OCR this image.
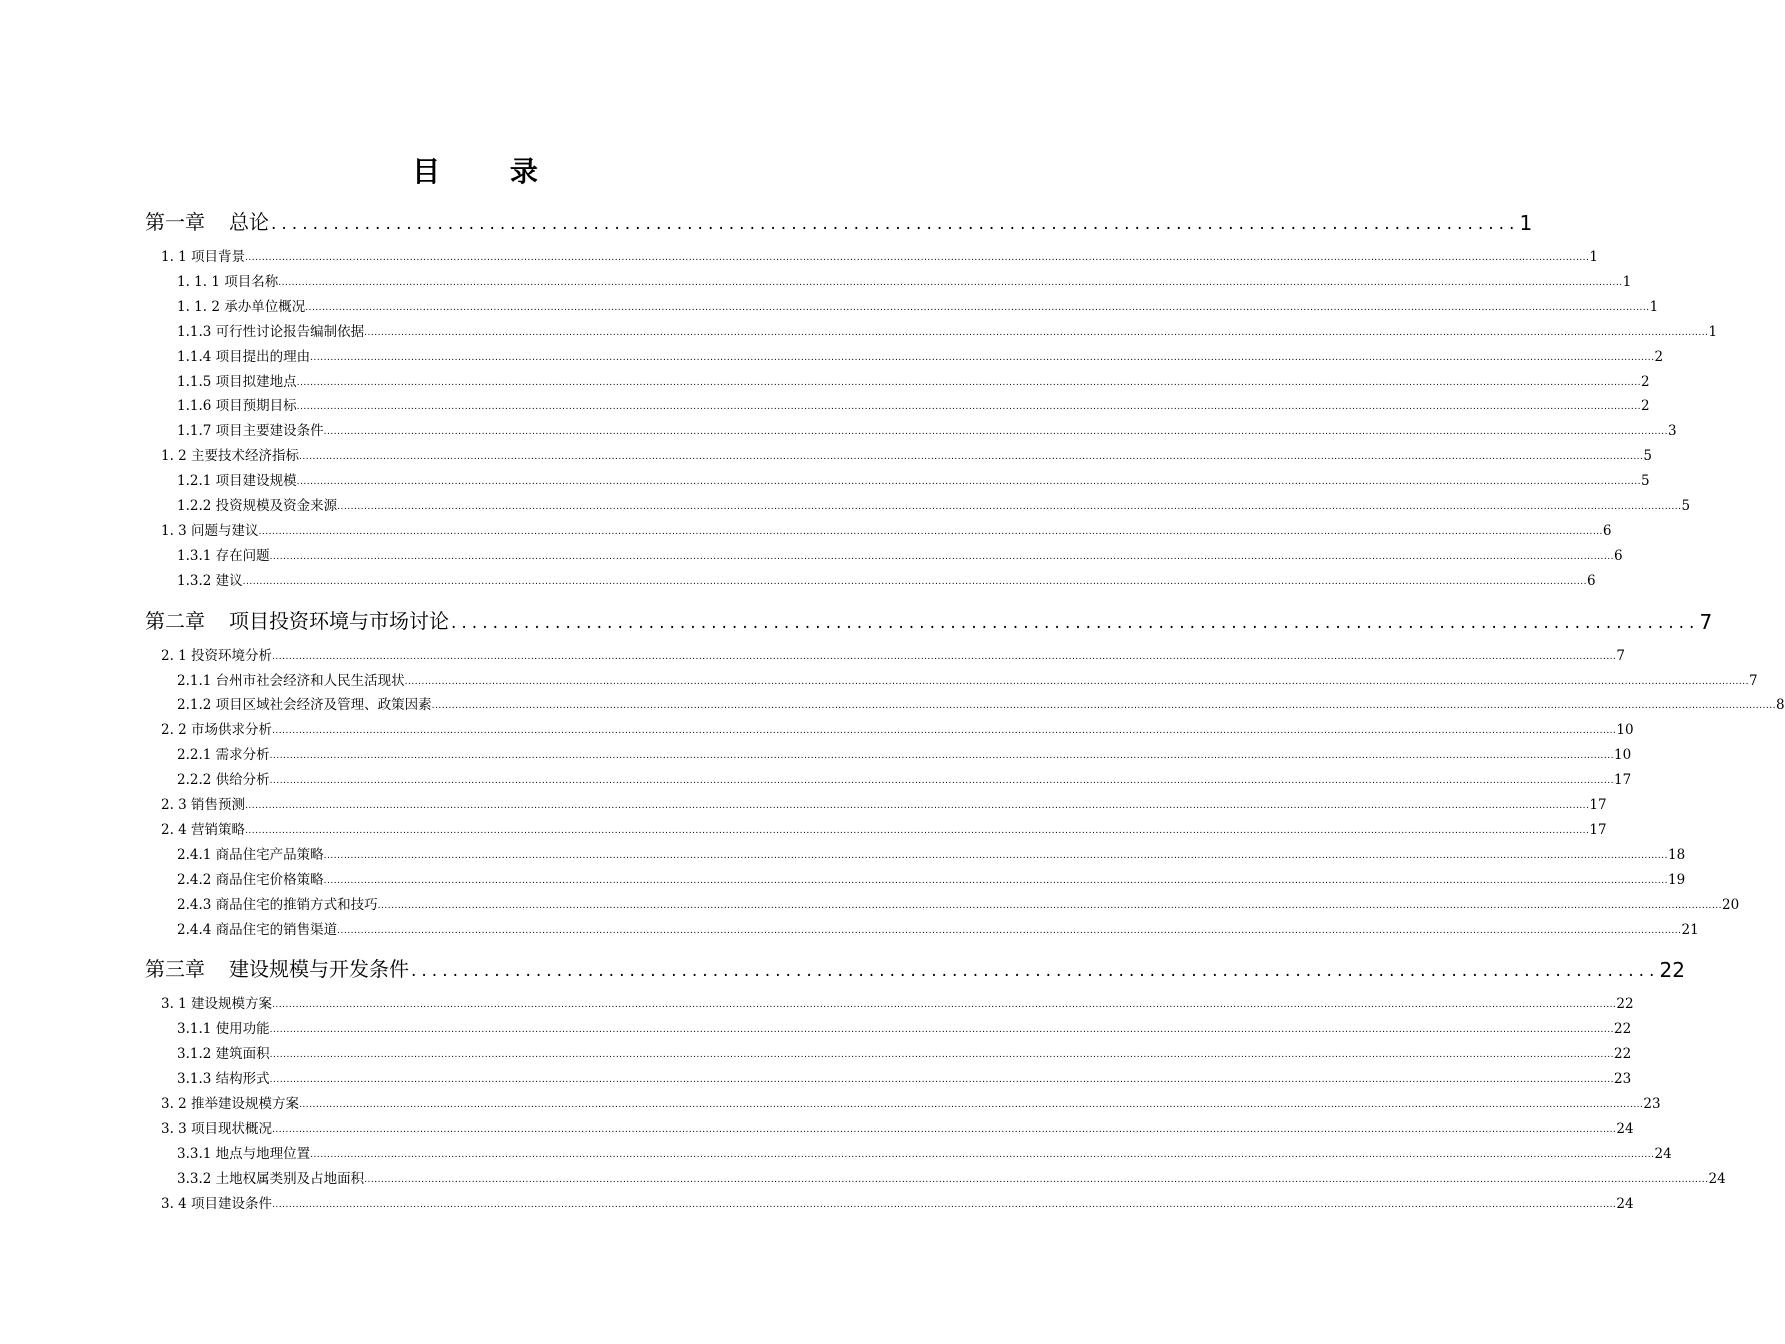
目 录
第一章 总论 ........................................................................................................................ 1
1. 1 项目背景 ................................................................................................................................................................................................................................................................................................................................................................................................................ 1
1. 1. 1 项目名称 ................................................................................................................................................................................................................................................................................................................................................................................................................ 1
1. 1. 2 承办单位概况 ................................................................................................................................................................................................................................................................................................................................................................................................................ 1
1.1.3 可行性讨论报告编制依据 ................................................................................................................................................................................................................................................................................................................................................................................................................ 1
1.1.4 项目提出的理由 ................................................................................................................................................................................................................................................................................................................................................................................................................ 2
1.1.5 项目拟建地点 ................................................................................................................................................................................................................................................................................................................................................................................................................ 2
1.1.6 项目预期目标 ................................................................................................................................................................................................................................................................................................................................................................................................................ 2
1.1.7 项目主要建设条件 ................................................................................................................................................................................................................................................................................................................................................................................................................ 3
1. 2 主要技术经济指标 ................................................................................................................................................................................................................................................................................................................................................................................................................ 5
1.2.1 项目建设规模 ................................................................................................................................................................................................................................................................................................................................................................................................................ 5
1.2.2 投资规模及资金来源 ................................................................................................................................................................................................................................................................................................................................................................................................................ 5
1. 3 问题与建议 ................................................................................................................................................................................................................................................................................................................................................................................................................ 6
1.3.1 存在问题 ................................................................................................................................................................................................................................................................................................................................................................................................................ 6
1.3.2 建议 ................................................................................................................................................................................................................................................................................................................................................................................................................ 6
第二章 项目投资环境与市场讨论 ........................................................................................................................ 7
2. 1 投资环境分析 ................................................................................................................................................................................................................................................................................................................................................................................................................ 7
2.1.1 台州市社会经济和人民生活现状 ................................................................................................................................................................................................................................................................................................................................................................................................................ 7
2.1.2 项目区域社会经济及管理、政策因素 ................................................................................................................................................................................................................................................................................................................................................................................................................ 8
2. 2 市场供求分析 ................................................................................................................................................................................................................................................................................................................................................................................................................ 10
2.2.1 需求分析 ................................................................................................................................................................................................................................................................................................................................................................................................................ 10
2.2.2 供给分析 ................................................................................................................................................................................................................................................................................................................................................................................................................ 17
2. 3 销售预测 ................................................................................................................................................................................................................................................................................................................................................................................................................ 17
2. 4 营销策略 ................................................................................................................................................................................................................................................................................................................................................................................................................ 17
2.4.1 商品住宅产品策略 ................................................................................................................................................................................................................................................................................................................................................................................................................ 18
2.4.2 商品住宅价格策略 ................................................................................................................................................................................................................................................................................................................................................................................................................ 19
2.4.3 商品住宅的推销方式和技巧 ................................................................................................................................................................................................................................................................................................................................................................................................................ 20
2.4.4 商品住宅的销售渠道 ................................................................................................................................................................................................................................................................................................................................................................................................................ 21
第三章 建设规模与开发条件 ........................................................................................................................ 22
3. 1 建设规模方案 ................................................................................................................................................................................................................................................................................................................................................................................................................ 22
3.1.1 使用功能 ................................................................................................................................................................................................................................................................................................................................................................................................................ 22
3.1.2 建筑面积 ................................................................................................................................................................................................................................................................................................................................................................................................................ 22
3.1.3 结构形式 ................................................................................................................................................................................................................................................................................................................................................................................................................ 23
3. 2 推举建设规模方案 ................................................................................................................................................................................................................................................................................................................................................................................................................ 23
3. 3 项目现状概况 ................................................................................................................................................................................................................................................................................................................................................................................................................ 24
3.3.1 地点与地理位置 ................................................................................................................................................................................................................................................................................................................................................................................................................ 24
3.3.2 土地权属类别及占地面积 ................................................................................................................................................................................................................................................................................................................................................................................................................ 24
3. 4 项目建设条件 ................................................................................................................................................................................................................................................................................................................................................................................................................ 24
